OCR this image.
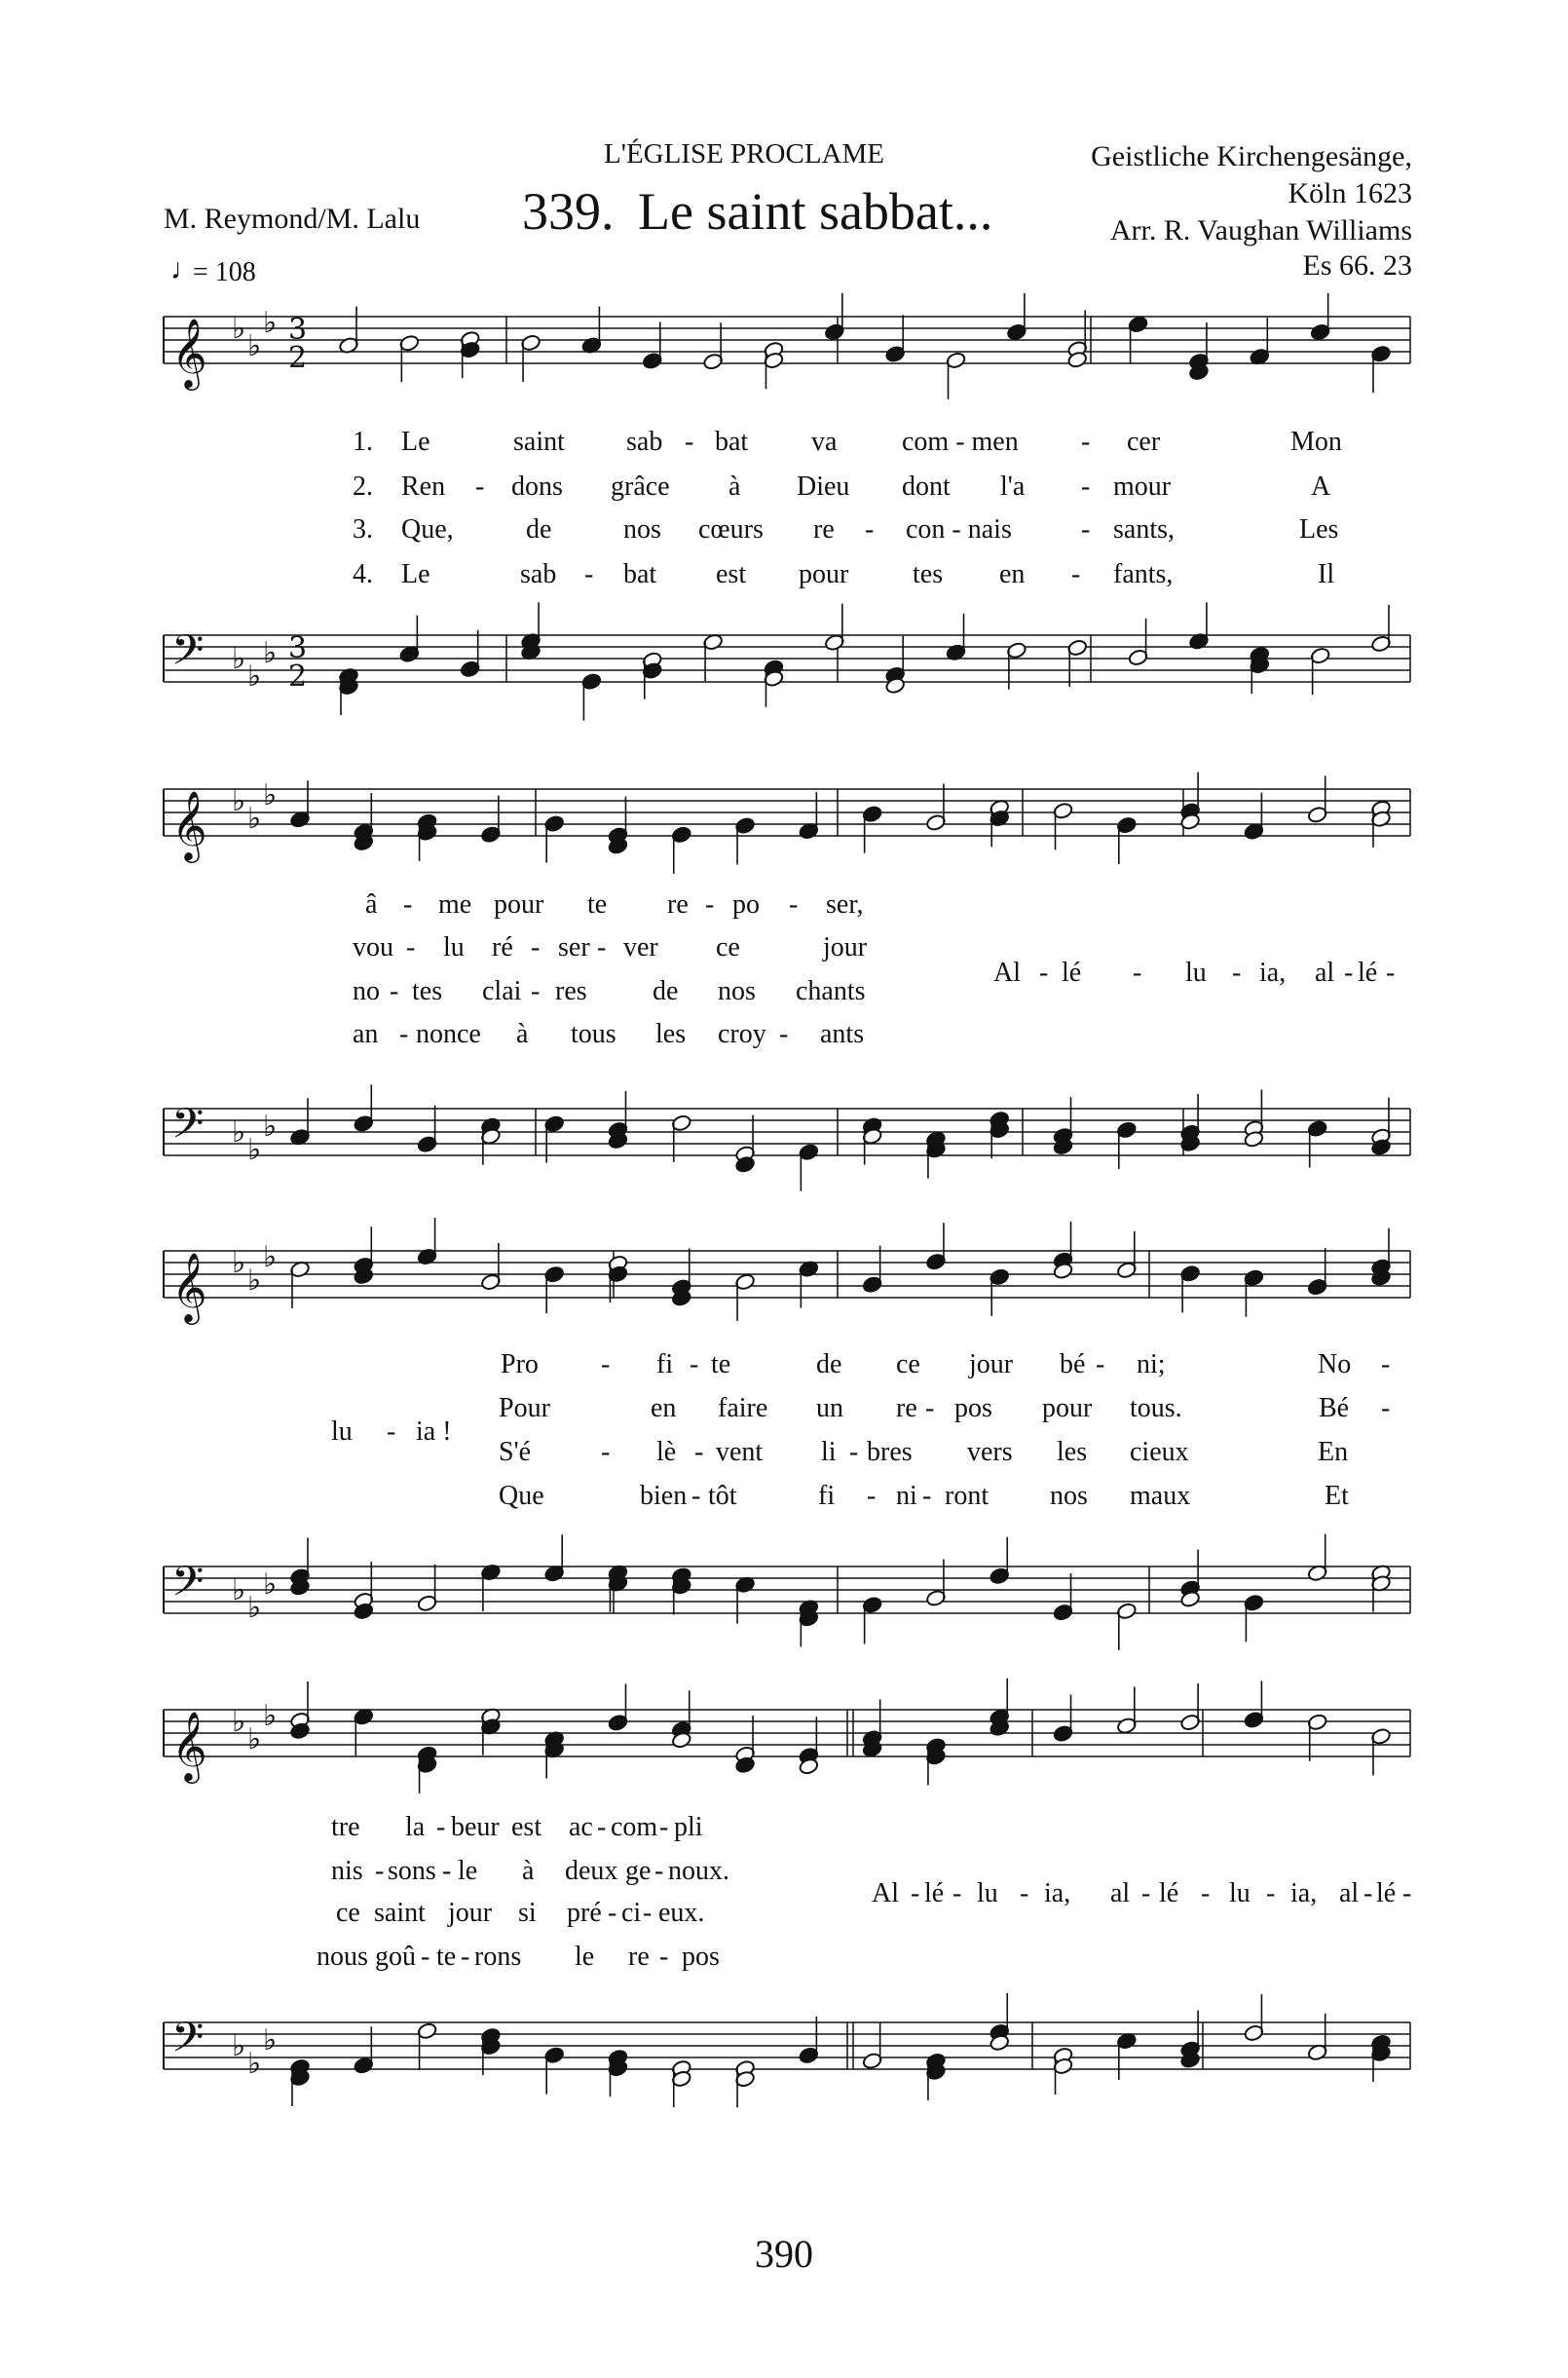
L'ÉGLISE PROCLAME
339. Le saint sabbat...
M. Reymond/M. Lalu
Geistliche Kirchengesänge,
Köln 1623
Arr. R. Vaughan Williams
Es 66. 23
♩
= 108
𝄞
𝄢
♭
♭
♭
♭
♭
♭
3
2
3
2
𝄞
𝄢
♭
♭
♭
♭
♭
♭
𝄞
𝄢
♭
♭
♭
♭
♭
♭
𝄞
𝄢
♭
♭
♭
♭
♭
♭
1. Le	saint sab - bat va com - men - cer	Mon
2. Ren - dons grâce à Dieu dont l'a - mour	A
3. Que,	de	nos cœurs re - con - nais	- sants,	Les
4. Le	sab - bat est pour tes en - fants,	Il
â - me pour te re - po - ser,
vou - lu ré - ser - ver ce	jour
no - tes clai - res de nos chants
an - nonce à tous les croy - ants
Al - lé - lu - ia, al - lé -
lu - ia !
Pro - fi - te	de ce jour bé - ni;	No -
Pour	en faire un re - pos pour tous.	Bé -
S'é	- lè - vent li - bres vers les cieux	En
Que	bien - tôt	fi - ni - ront nos maux	Et
tre la - beur est ac - com - pli
nis - sons - le à deux ge - noux.
ce saint jour si pré - ci - eux.
nous goû - te - rons le re - pos
Al - lé - lu - ia, al - lé - lu - ia, al - lé -
390
